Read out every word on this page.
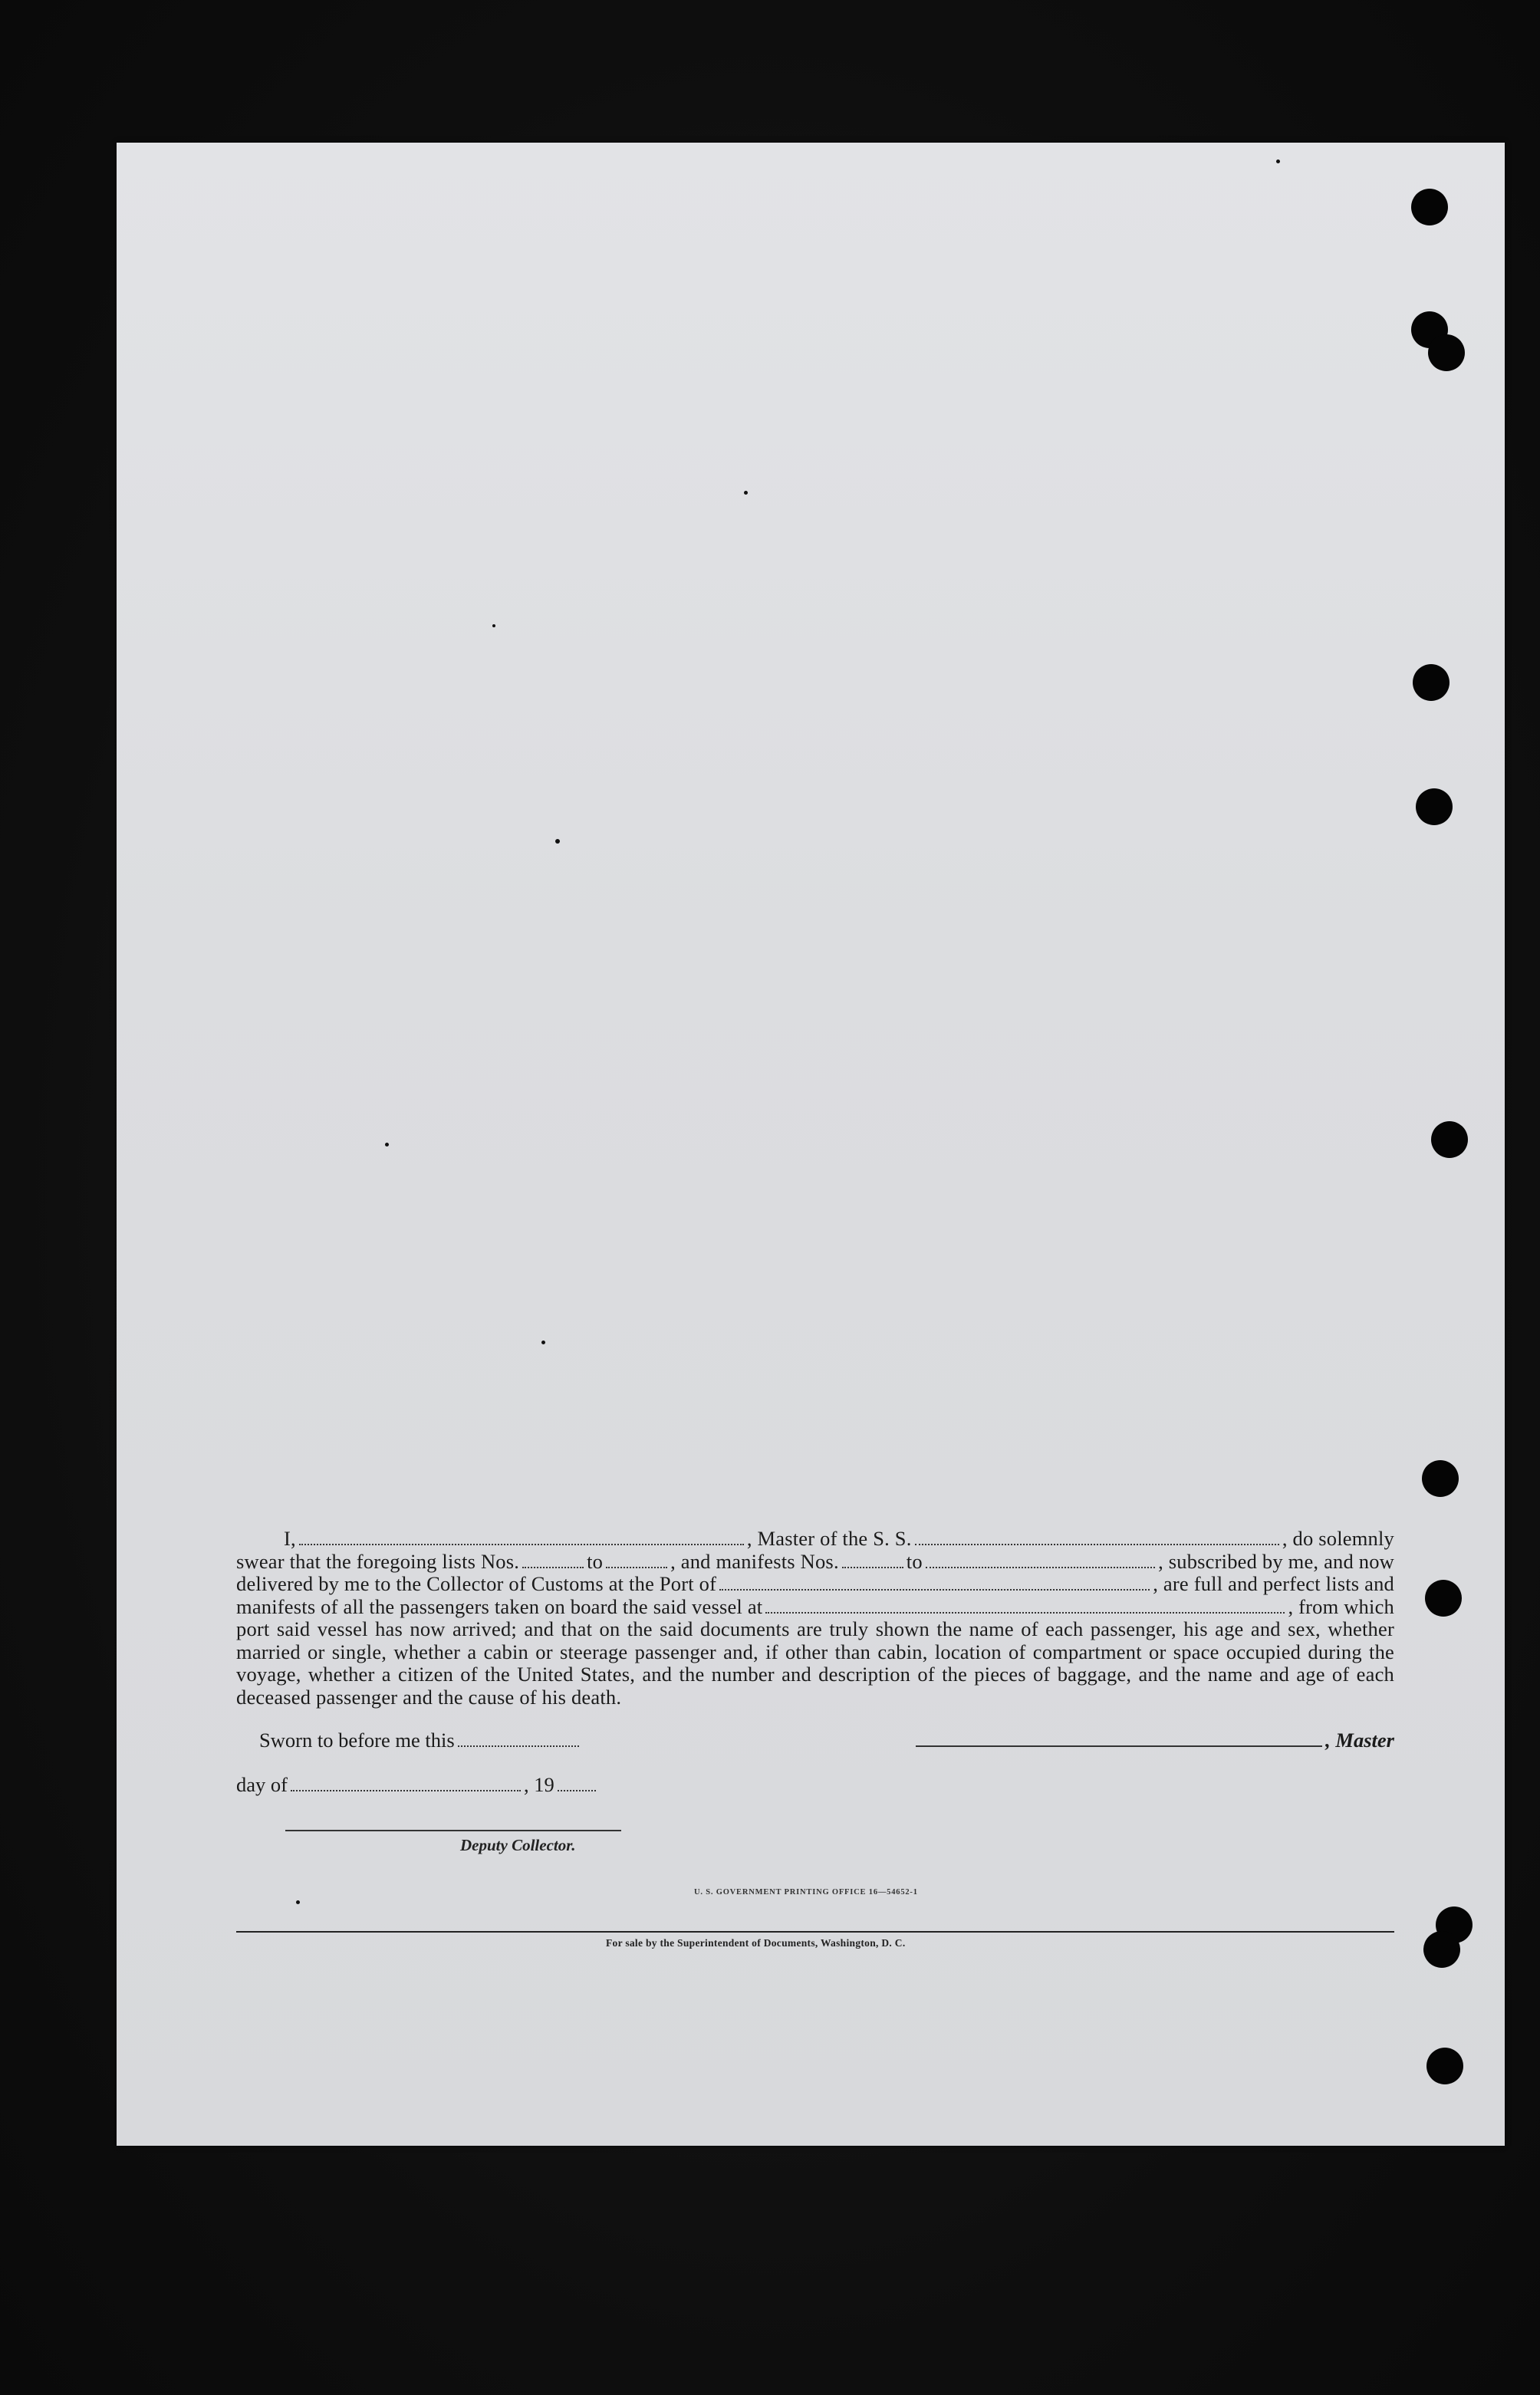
I,	, Master of the S. S.	, do solemnly
swear that the foregoing lists Nos.	to	, and manifests Nos.	to	, subscribed by me, and now
delivered by me to the Collector of Customs at the Port of	, are full and perfect lists and
manifests of all the passengers taken on board the said vessel at	, from which
port said vessel has now arrived; and that on the said documents are truly shown the name of each passenger, his age and sex, whether married or single, whether a cabin or steerage passenger and, if other than cabin, location of compartment or space occupied during the voyage, whether a citizen of the United States, and the number and description of the pieces of baggage, and the name and age of each deceased passenger and the cause of his death.
Sworn to before me this	, Master
day of	, 19
Deputy Collector.
U. S. GOVERNMENT PRINTING OFFICE 16—54652-1
For sale by the Superintendent of Documents, Washington, D. C.
